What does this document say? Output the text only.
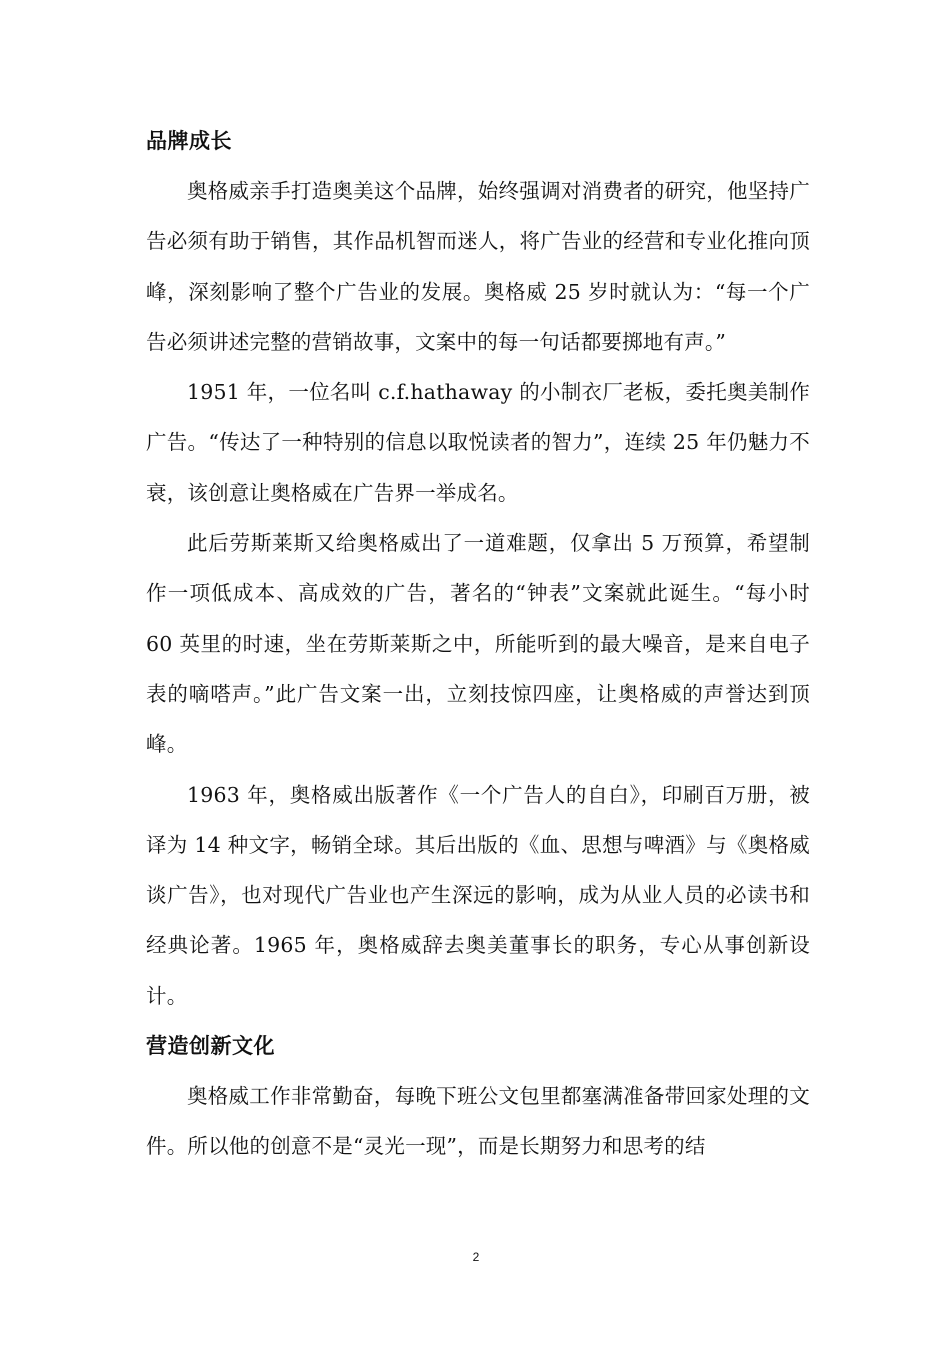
品牌成长

奥格威亲手打造奥美这个品牌，始终强调对消费者的研究，他坚持广告必须有助于销售，其作品机智而迷人，将广告业的经营和专业化推向顶峰，深刻影响了整个广告业的发展。奥格威 25 岁时就认为：“每一个广告必须讲述完整的营销故事，文案中的每一句话都要掷地有声。”

1951 年，一位名叫 c.f.hathaway 的小制衣厂老板，委托奥美制作广告。“传达了一种特别的信息以取悦读者的智力”，连续 25 年仍魅力不衰，该创意让奥格威在广告界一举成名。

此后劳斯莱斯又给奥格威出了一道难题，仅拿出 5 万预算，希望制作一项低成本、高成效的广告，著名的“钟表”文案就此诞生。“每小时 60 英里的时速，坐在劳斯莱斯之中，所能听到的最大噪音，是来自电子表的嘀嗒声。”此广告文案一出，立刻技惊四座，让奥格威的声誉达到顶峰。

1963 年，奥格威出版著作《一个广告人的自白》，印刷百万册，被译为 14 种文字，畅销全球。其后出版的《血、思想与啤酒》与《奥格威谈广告》，也对现代广告业也产生深远的影响，成为从业人员的必读书和经典论著。1965 年，奥格威辞去奥美董事长的职务，专心从事创新设计。

营造创新文化

奥格威工作非常勤奋，每晚下班公文包里都塞满准备带回家处理的文件。所以他的创意不是“灵光一现”，而是长期努力和思考的结

2
